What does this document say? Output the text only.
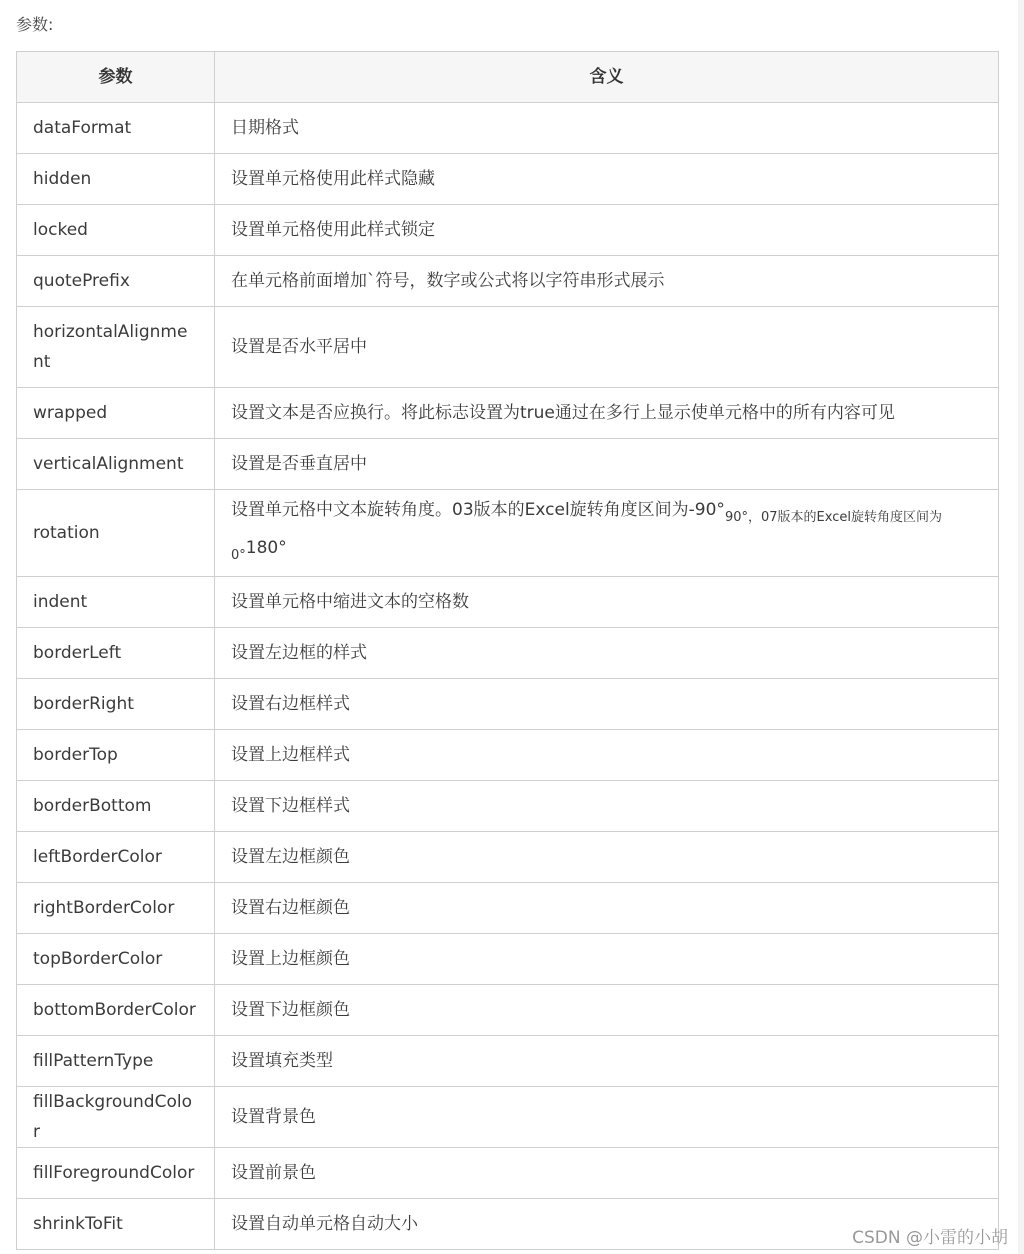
参数:
参数	含义
dataFormat	日期格式
hidden	设置单元格使用此样式隐藏
locked	设置单元格使用此样式锁定
quotePrefix	在单元格前面增加`符号，数字或公式将以字符串形式展示
horizontalAlignment	设置是否水平居中
wrapped	设置文本是否应换行。将此标志设置为true通过在多行上显示使单元格中的所有内容可见
verticalAlignment	设置是否垂直居中
rotation	设置单元格中文本旋转角度。03版本的Excel旋转角度区间为$-90^\circ_{90^\circ,07版本的Excel旋转角度区间为}$
$_{0^\circ}$180°
indent	设置单元格中缩进文本的空格数
borderLeft	设置左边框的样式
borderRight	设置右边框样式
borderTop	设置上边框样式
borderBottom	设置下边框样式
leftBorderColor	设置左边框颜色
rightBorderColor	设置右边框颜色
topBorderColor	设置上边框颜色
bottomBorderColor	设置下边框颜色
fillPatternType	设置填充类型
fillBackgroundColor	设置背景色
fillForegroundColor	设置前景色
shrinkToFit	设置自动单元格自动大小
CSDN @小雷的小胡
